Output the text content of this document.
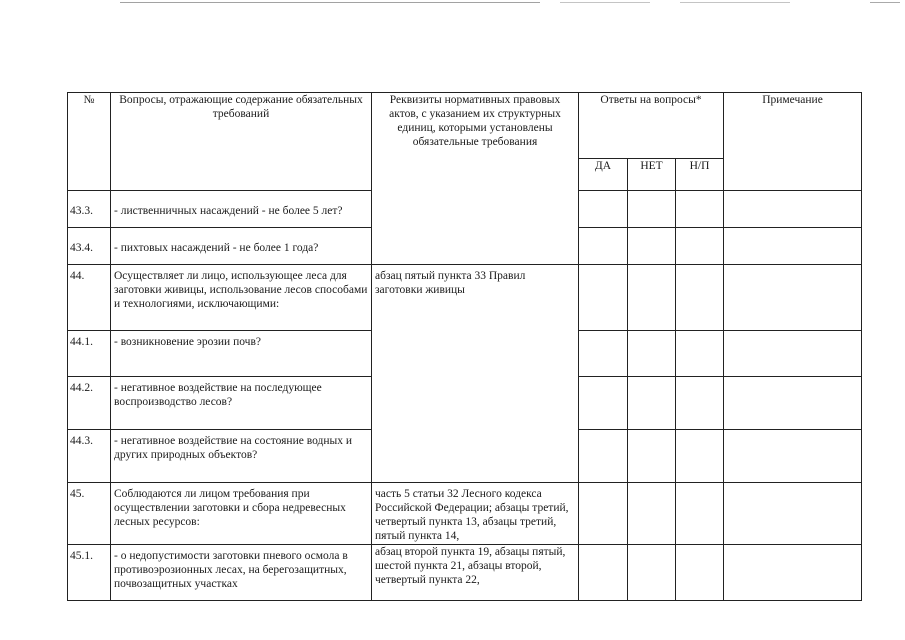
№	Вопросы, отражающие содержание обязательных требований	Реквизиты нормативных правовых актов, с указанием их структурных единиц, которыми установлены обязательные требования	Ответы на вопросы*			Примечание
			ДА	НЕТ	Н/П	
43.3.	- лиственничных насаждений - не более 5 лет?					
43.4.	- пихтовых насаждений - не более 1 года?					
44.	Осуществляет ли лицо, использующее леса для заготовки живицы, использование лесов способами и технологиями, исключающими:	абзац пятый пункта 33 Правил заготовки живицы				
44.1.	- возникновение эрозии почв?					
44.2.	- негативное воздействие на последующее воспроизводство лесов?					
44.3.	- негативное воздействие на состояние водных и других природных объектов?					
45.	Соблюдаются ли лицом требования при осуществлении заготовки и сбора недревесных лесных ресурсов:	часть 5 статьи 32 Лесного кодекса Российской Федерации; абзацы третий, четвертый пункта 13, абзацы третий, пятый пункта 14,				
45.1.	- о недопустимости заготовки пневого осмола в противоэрозионных лесах, на берегозащитных, почвозащитных участках	абзац второй пункта 19, абзацы пятый, шестой пункта 21, абзацы второй, четвертый пункта 22,				
